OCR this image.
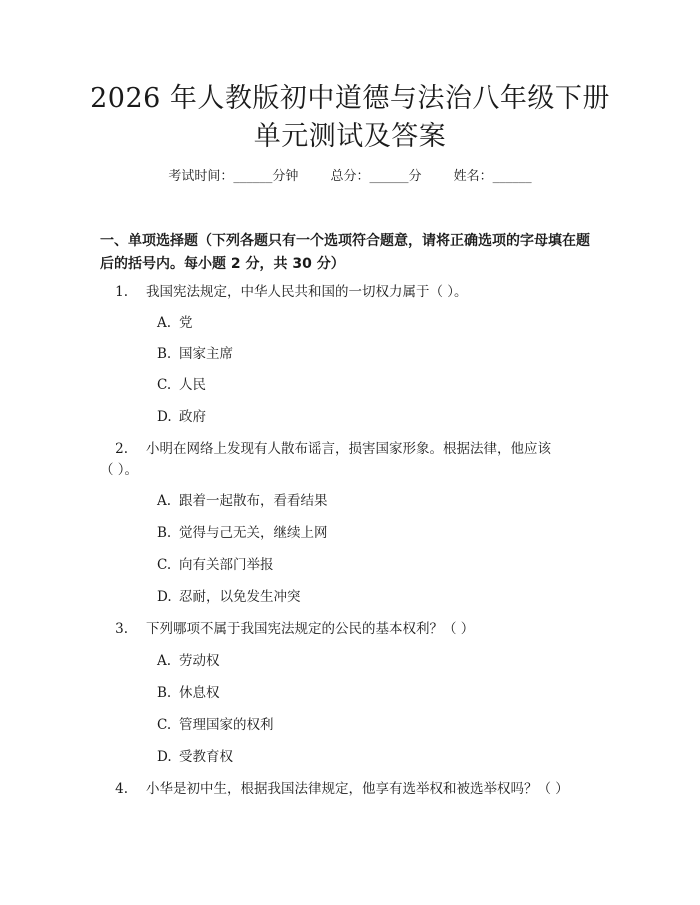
2026 年人教版初中道德与法治八年级下册单元测试及答案
考试时间：______分钟 总分：______分 姓名：______
一、单项选择题（下列各题只有一个选项符合题意，请将正确选项的字母填在题后的括号内。每小题 2 分，共 30 分）
1. 我国宪法规定，中华人民共和国的一切权力属于（ ）。
A. 党
B. 国家主席
C. 人民
D. 政府
2. 小明在网络上发现有人散布谣言，损害国家形象。根据法律，他应该
（ ）。
A. 跟着一起散布，看看结果
B. 觉得与己无关，继续上网
C. 向有关部门举报
D. 忍耐，以免发生冲突
3. 下列哪项不属于我国宪法规定的公民的基本权利？（ ）
A. 劳动权
B. 休息权
C. 管理国家的权利
D. 受教育权
4. 小华是初中生，根据我国法律规定，他享有选举权和被选举权吗？（ ）
